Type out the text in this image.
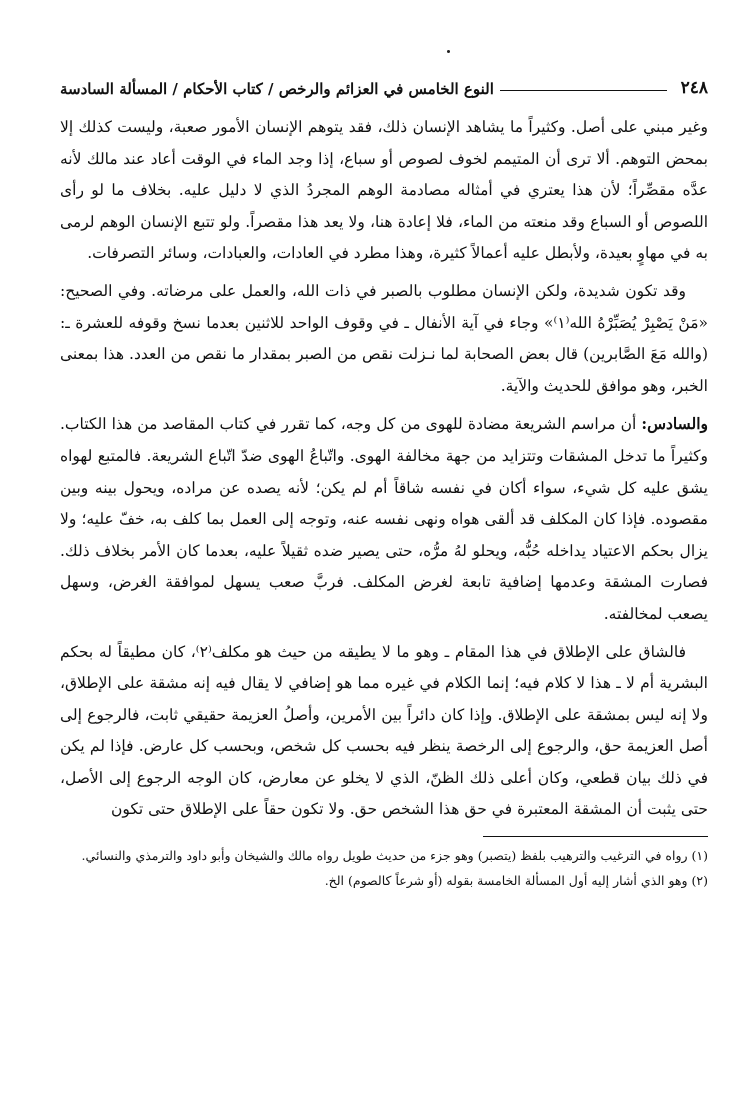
٢٤٨
النوع الخامس في العزائم والرخص / كتاب الأحكام / المسألة السادسة

وغير مبني على أصل. وكثيراً ما يشاهد الإنسان ذلك، فقد يتوهم الإنسان الأمور صعبة، وليست كذلك إلا بمحض التوهم. ألا ترى أن المتيمم لخوف لصوص أو سباع، إذا وجد الماء في الوقت أعاد عند مالك لأنه عدَّه مقصِّراً؛ لأن هذا يعتري في أمثاله مصادمة الوهم المجردُ الذي لا دليل عليه. بخلاف ما لو رأى اللصوص أو السباع وقد منعته من الماء، فلا إعادة هنا، ولا يعد هذا مقصراً. ولو تتبع الإنسان الوهم لرمى به في مهاوٍ بعيدة، ولأبطل عليه أعمالاً كثيرة، وهذا مطرد في العادات، والعبادات، وسائر التصرفات.

وقد تكون شديدة، ولكن الإنسان مطلوب بالصبر في ذات الله، والعمل على مرضاته. وفي الصحيح: «مَنْ يَصْبِرْ يُصَبِّرْهُ الله⁽١⁾» وجاء في آية الأنفال ـ في وقوف الواحد للاثنين بعدما نسخ وقوفه للعشرة ـ: (والله مَعَ الصَّابرين) قال بعض الصحابة لما نـزلت نقص من الصبر بمقدار ما نقص من العدد. هذا بمعنى الخبر، وهو موافق للحديث والآية.

والسادس: أن مراسم الشريعة مضادة للهوى من كل وجه، كما تقرر في كتاب المقاصد من هذا الكتاب. وكثيراً ما تدخل المشقات وتتزايد من جهة مخالفة الهوى. واتّباعُ الهوى ضدّ اتّباع الشريعة. فالمتبع لهواه يشق عليه كل شيء، سواء أكان في نفسه شاقاً أم لم يكن؛ لأنه يصده عن مراده، ويحول بينه وبين مقصوده. فإذا كان المكلف قد ألقى هواه ونهى نفسه عنه، وتوجه إلى العمل بما كلف به، خفّ عليه؛ ولا يزال بحكم الاعتياد يداخله حُبُّه، ويحلو لهُ مرُّه، حتى يصير ضده ثقيلاً عليه، بعدما كان الأمر بخلاف ذلك. فصارت المشقة وعدمها إضافية تابعة لغرض المكلف. فربَّ صعب يسهل لموافقة الغرض، وسهل يصعب لمخالفته.

فالشاق على الإطلاق في هذا المقام ـ وهو ما لا يطيقه من حيث هو مكلف⁽٢⁾، كان مطيقاً له بحكم البشرية أم لا ـ هذا لا كلام فيه؛ إنما الكلام في غيره مما هو إضافي لا يقال فيه إنه مشقة على الإطلاق، ولا إنه ليس بمشقة على الإطلاق. وإذا كان دائراً بين الأمرين، وأصلُ العزيمة حقيقي ثابت، فالرجوع إلى أصل العزيمة حق، والرجوع إلى الرخصة ينظر فيه بحسب كل شخص، وبحسب كل عارض. فإذا لم يكن في ذلك بيان قطعي، وكان أعلى ذلك الظنّ، الذي لا يخلو عن معارض، كان الوجه الرجوع إلى الأصل، حتى يثبت أن المشقة المعتبرة في حق هذا الشخص حق. ولا تكون حقاً على الإطلاق حتى تكون

(١) رواه في الترغيب والترهيب بلفظ (يتصبر) وهو جزء من حديث طويل رواه مالك والشيخان وأبو داود والترمذي والنسائي.

(٢) وهو الذي أشار إليه أول المسألة الخامسة بقوله (أو شرعاً كالصوم) الخ.
